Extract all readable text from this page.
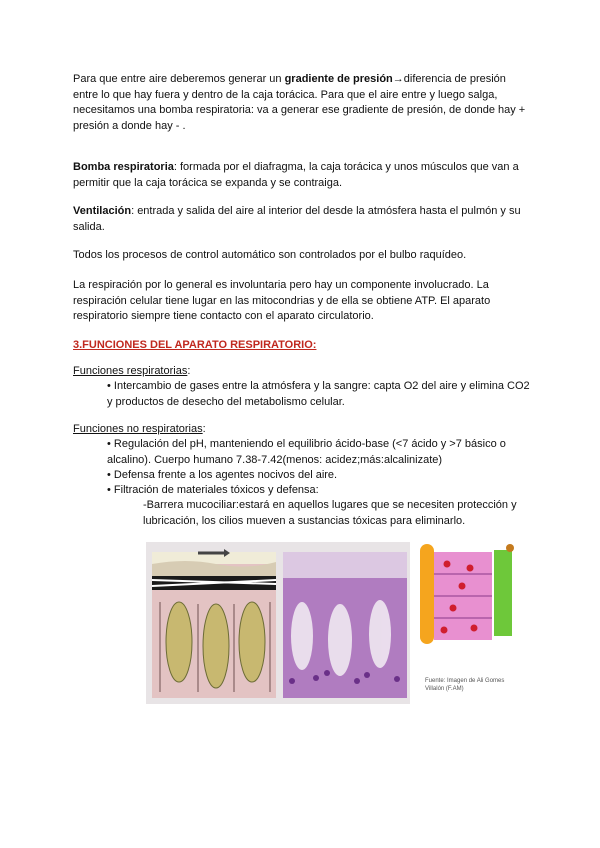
Para que entre aire deberemos generar un gradiente de presión→diferencia de presión entre lo que hay fuera y dentro de la caja torácica. Para que el aire entre y luego salga, necesitamos una bomba respiratoria: va a generar ese gradiente de presión, de donde hay + presión a donde hay - .

Bomba respiratoria: formada por el diafragma, la caja torácica y unos músculos que van a permitir que la caja torácica se expanda y se contraiga.

Ventilación: entrada y salida del aire al interior del desde la atmósfera hasta el pulmón y su salida.

Todos los procesos de control automático son controlados por el bulbo raquídeo.

La respiración por lo general es involuntaria pero hay un componente involucrado. La respiración celular tiene lugar en las mitocondrias y de ella se obtiene ATP. El aparato respiratorio siempre tiene contacto con el aparato circulatorio.

3.FUNCIONES DEL APARATO RESPIRATORIO:

Funciones respiratorias:

• Intercambio de gases entre la atmósfera y la sangre: capta O2 del aire y elimina CO2 y productos de desecho del metabolismo celular.

Funciones no respiratorias:

• Regulación del pH, manteniendo el equilibrio ácido-base (<7 ácido y >7 básico o alcalino). Cuerpo humano 7.38-7.42(menos: acidez;más:alcalinizate)

• Defensa frente a los agentes nocivos del aire.

• Filtración de materiales tóxicos y defensa:

-Barrera mucociliar:estará en aquellos lugares que se necesiten protección y lubricación, los cilios mueven a sustancias tóxicas para eliminarlo.

Fuente: Imagen de Ali Gomes Villalón (F.AM)
